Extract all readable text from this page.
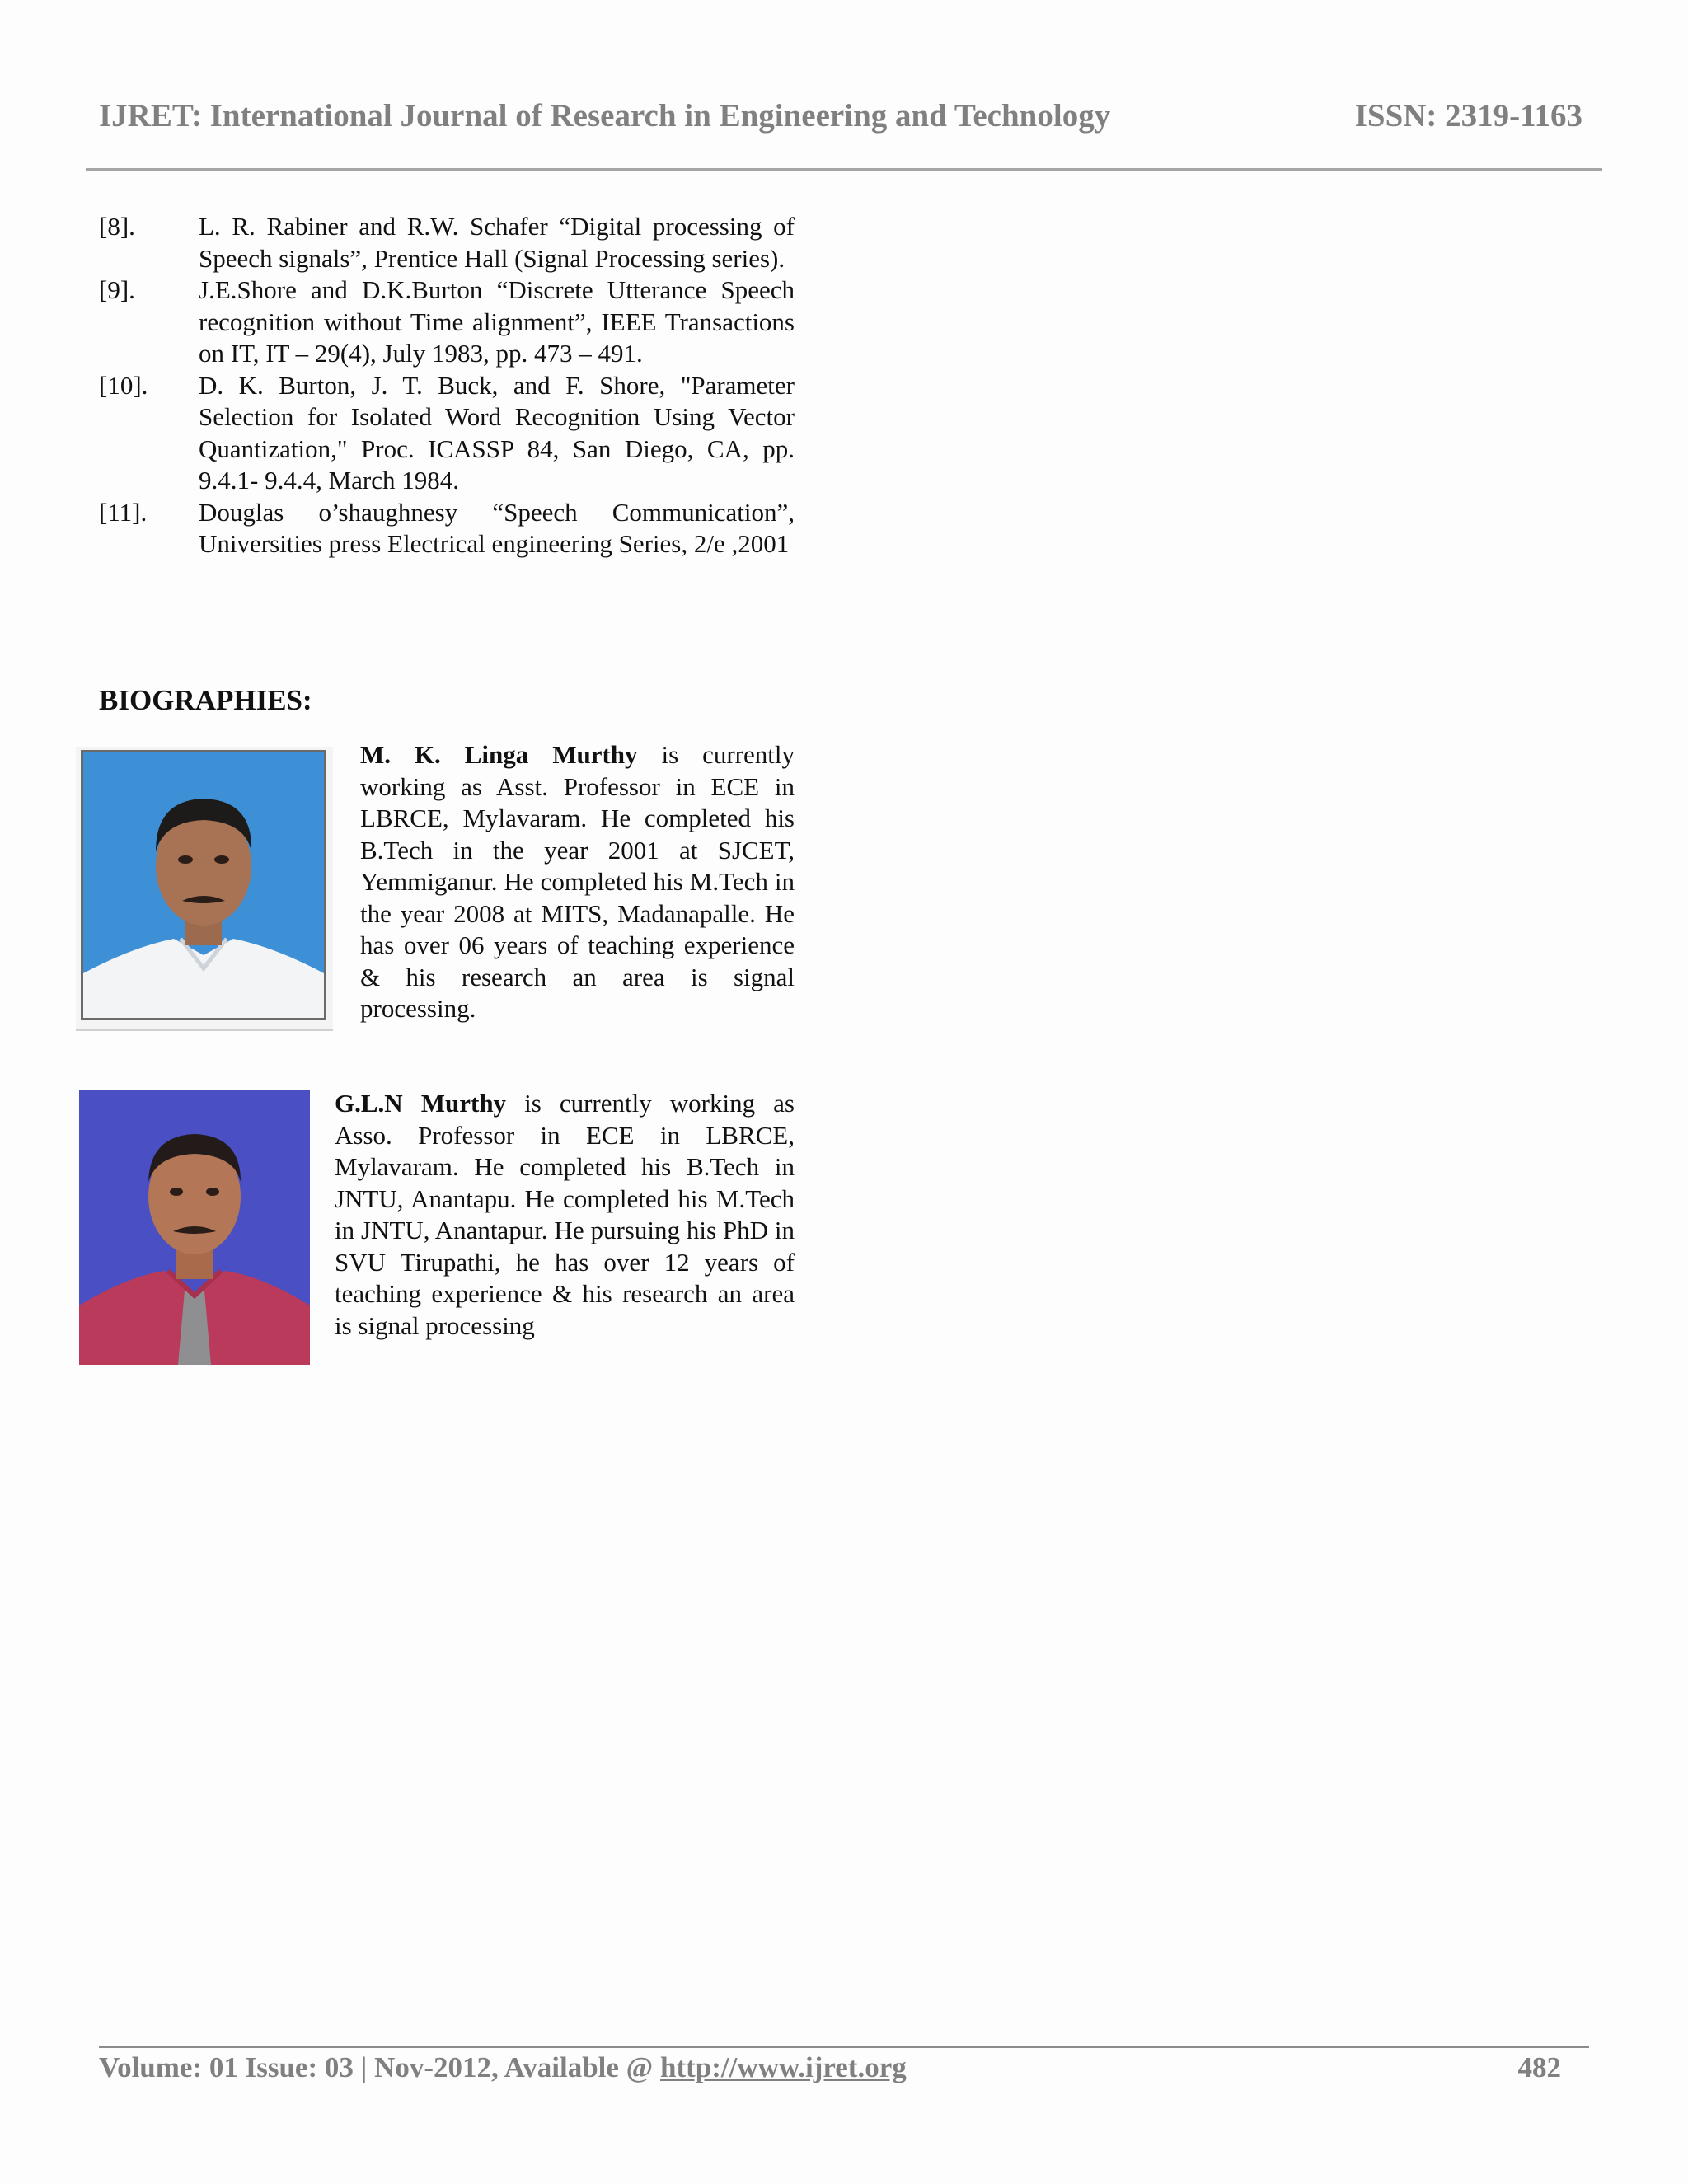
IJRET: International Journal of Research in Engineering and Technology	ISSN: 2319-1163

[8]. L. R. Rabiner and R.W. Schafer “Digital processing of Speech signals”, Prentice Hall (Signal Processing series).

[9]. J.E.Shore and D.K.Burton “Discrete Utterance Speech recognition without Time alignment”, IEEE Transactions on IT, IT – 29(4), July 1983, pp. 473 – 491.

[10]. D. K. Burton, J. T. Buck, and F. Shore, "Parameter Selection for Isolated Word Recognition Using Vector Quantization," Proc. ICASSP 84, San Diego, CA, pp. 9.4.1- 9.4.4, March 1984.

[11]. Douglas o’shaughnesy “Speech Communication”, Universities press Electrical engineering Series, 2/e ,2001

BIOGRAPHIES:

M. K. Linga Murthy is currently working as Asst. Professor in ECE in LBRCE, Mylavaram. He completed his B.Tech in the year 2001 at SJCET, Yemmiganur. He completed his M.Tech in the year 2008 at MITS, Madanapalle. He has over 06 years of teaching experience & his research an area is signal processing.

G.L.N Murthy is currently working as Asso. Professor in ECE in LBRCE, Mylavaram. He completed his B.Tech in JNTU, Anantapu. He completed his M.Tech in JNTU, Anantapur. He pursuing his PhD in SVU Tirupathi, he has over 12 years of teaching experience & his research an area is signal processing

Volume: 01 Issue: 03 | Nov-2012, Available @ http://www.ijret.org	482
